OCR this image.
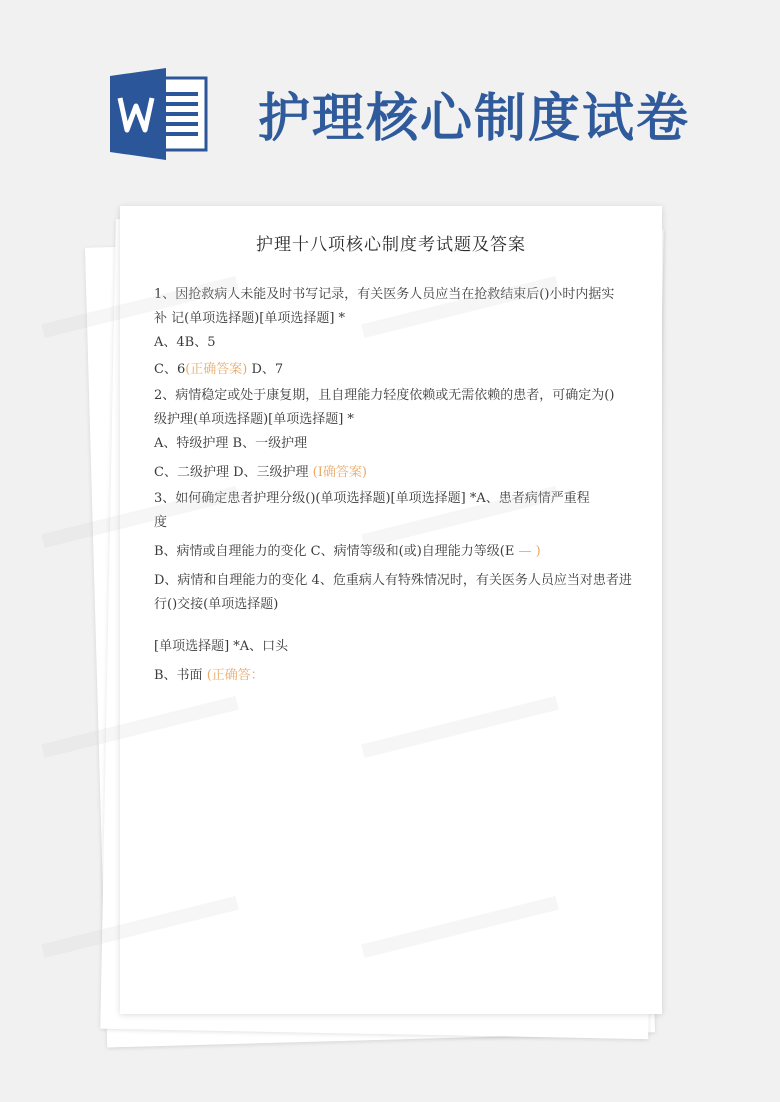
护理核心制度试卷
护理十八项核心制度考试题及答案
1、因抢救病人未能及时书写记录，有关医务人员应当在抢救结束后()小时内据实
补 记(单项选择题)[单项选择题] *
A、4B、5
C、6(正确答案) D、7
2、病情稳定或处于康复期，且自理能力轻度依赖或无需依赖的患者，可确定为()
级护理(单项选择题)[单项选择题] *
A、特级护理 B、一级护理
C、二级护理 D、三级护理 (I确答案)
3、如何确定患者护理分级()(单项选择题)[单项选择题] *A、患者病情严重程
度
B、病情或自理能力的变化 C、病情等级和(或)自理能力等级(E — )
D、病情和自理能力的变化 4、危重病人有特殊情况时，有关医务人员应当对患者进
行()交接(单项选择题)
[单项选择题] *A、口头
B、书面 (正确答：
